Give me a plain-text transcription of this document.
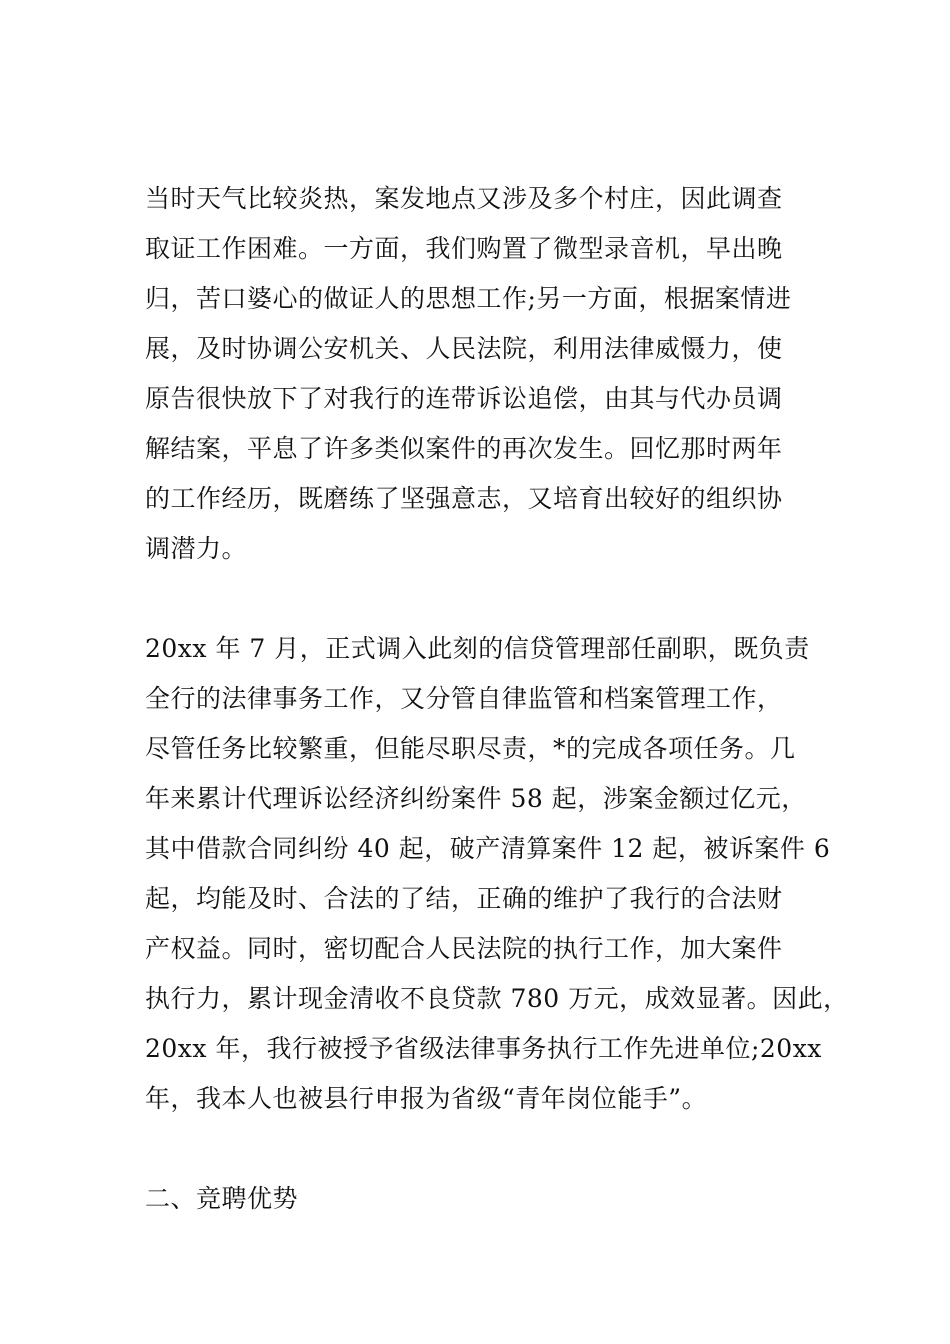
当时天气比较炎热，案发地点又涉及多个村庄，因此调查
取证工作困难。一方面，我们购置了微型录音机，早出晚
归，苦口婆心的做证人的思想工作;另一方面，根据案情进
展，及时协调公安机关、人民法院，利用法律威慑力，使
原告很快放下了对我行的连带诉讼追偿，由其与代办员调
解结案，平息了许多类似案件的再次发生。回忆那时两年
的工作经历，既磨练了坚强意志，又培育出较好的组织协
调潜力。
20xx 年 7 月，正式调入此刻的信贷管理部任副职，既负责
全行的法律事务工作，又分管自律监管和档案管理工作，
尽管任务比较繁重，但能尽职尽责，*的完成各项任务。几
年来累计代理诉讼经济纠纷案件 58 起，涉案金额过亿元，
其中借款合同纠纷 40 起，破产清算案件 12 起，被诉案件 6
起，均能及时、合法的了结，正确的维护了我行的合法财
产权益。同时，密切配合人民法院的执行工作，加大案件
执行力，累计现金清收不良贷款 780 万元，成效显著。因此，
20xx 年，我行被授予省级法律事务执行工作先进单位;20xx
年，我本人也被县行申报为省级“青年岗位能手”。
二、竞聘优势
